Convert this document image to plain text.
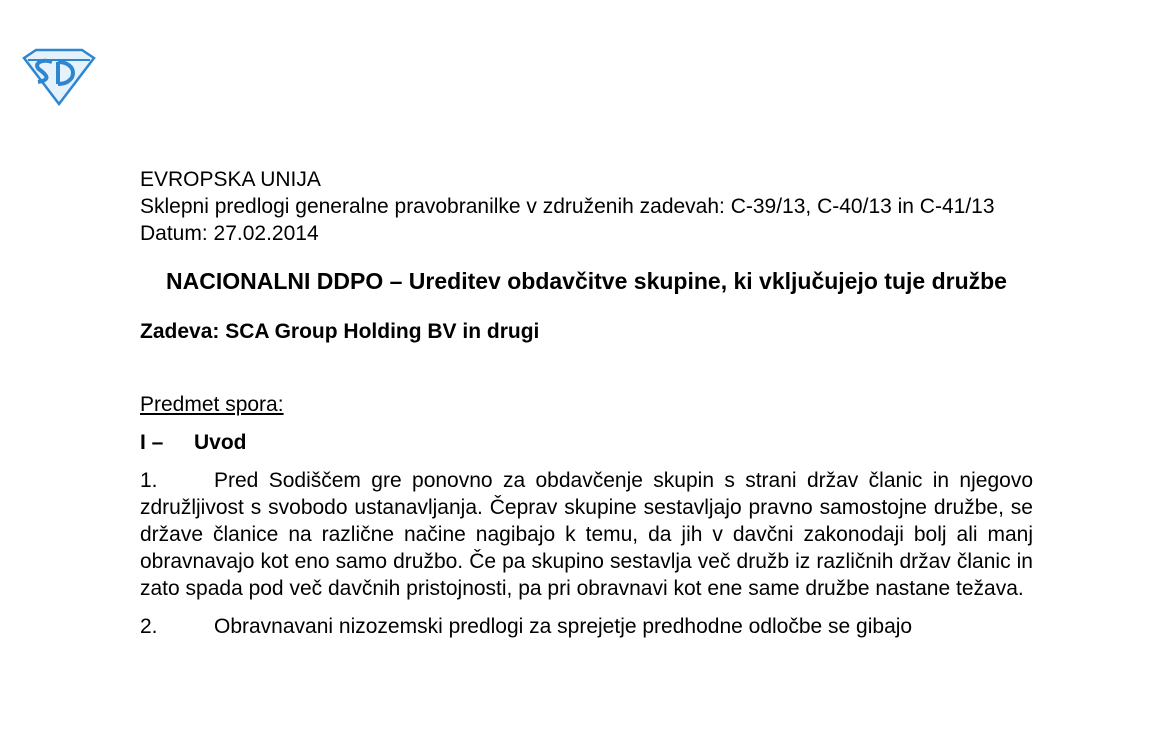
EVROPSKA UNIJA
Sklepni predlogi generalne pravobranilke v združenih zadevah: C-39/13, C-40/13 in C-41/13
Datum: 27.02.2014
NACIONALNI DDPO – Ureditev obdavčitve skupine, ki vključujejo tuje družbe
Zadeva: SCA Group Holding BV in drugi
Predmet spora:
I – Uvod
1.	Pred Sodiščem gre ponovno za obdavčenje skupin s strani držav članic in njegovo združljivost s svobodo ustanavljanja. Čeprav skupine sestavljajo pravno samostojne družbe, se države članice na različne načine nagibajo k temu, da jih v davčni zakonodaji bolj ali manj obravnavajo kot eno samo družbo. Če pa skupino sestavlja več družb iz različnih držav članic in zato spada pod več davčnih pristojnosti, pa pri obravnavi kot ene same družbe nastane težava.
2.	Obravnavani nizozemski predlogi za sprejetje predhodne odločbe se gibajo
